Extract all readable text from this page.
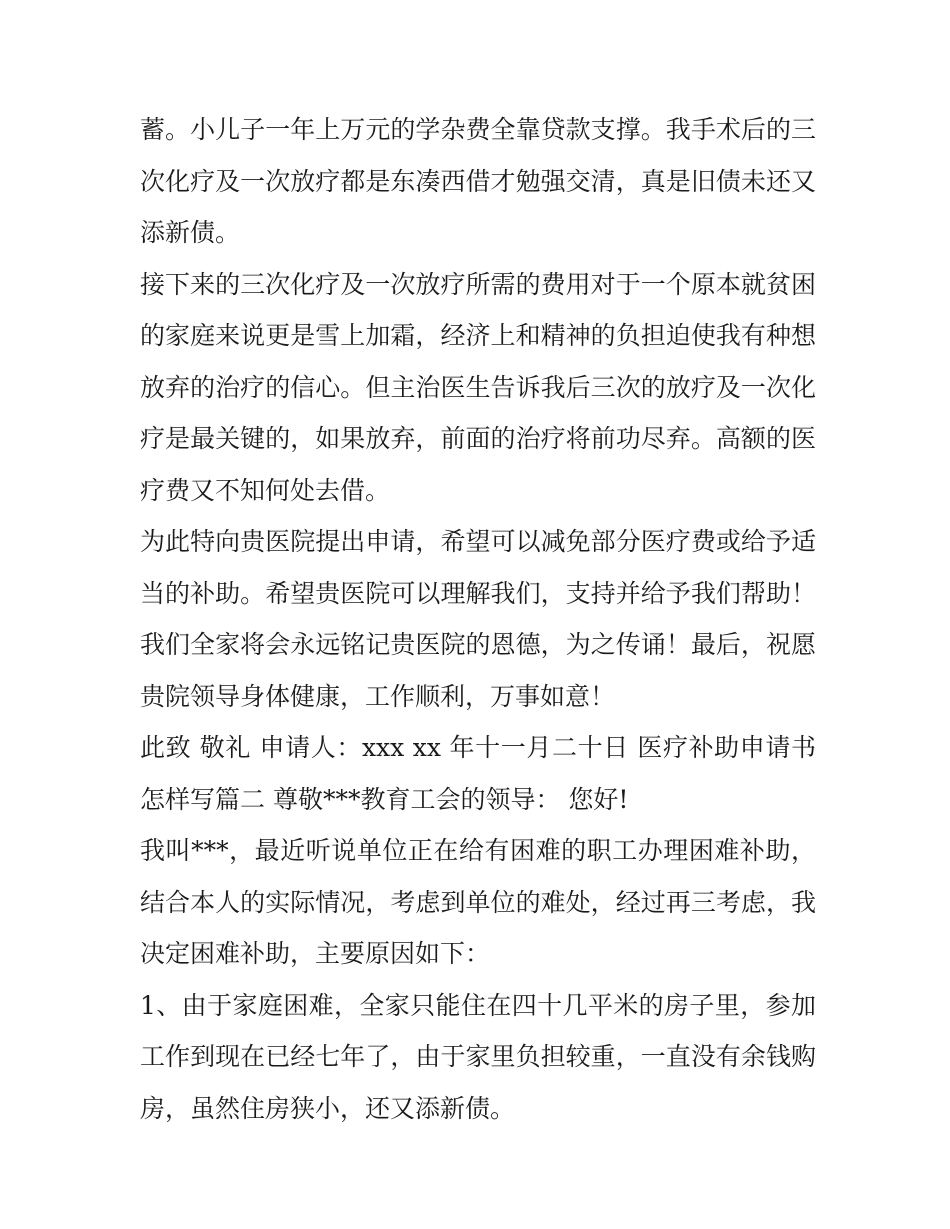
蓄。小儿子一年上万元的学杂费全靠贷款支撑。我手术后的三次化疗及一次放疗都是东凑西借才勉强交清，真是旧债未还又添新债。

接下来的三次化疗及一次放疗所需的费用对于一个原本就贫困的家庭来说更是雪上加霜，经济上和精神的负担迫使我有种想放弃的治疗的信心。但主治医生告诉我后三次的放疗及一次化疗是最关键的，如果放弃，前面的治疗将前功尽弃。高额的医疗费又不知何处去借。

为此特向贵医院提出申请，希望可以减免部分医疗费或给予适当的补助。希望贵医院可以理解我们，支持并给予我们帮助！我们全家将会永远铭记贵医院的恩德，为之传诵！最后，祝愿贵院领导身体健康，工作顺利，万事如意！

此致 敬礼 申请人：xxx xx 年十一月二十日 医疗补助申请书怎样写篇二 尊敬***教育工会的领导： 您好!

我叫***，最近听说单位正在给有困难的职工办理困难补助，结合本人的实际情况，考虑到单位的难处，经过再三考虑，我决定困难补助，主要原因如下：

1、由于家庭困难，全家只能住在四十几平米的房子里，参加工作到现在已经七年了，由于家里负担较重，一直没有余钱购房，虽然住房狭小，还又添新债。
